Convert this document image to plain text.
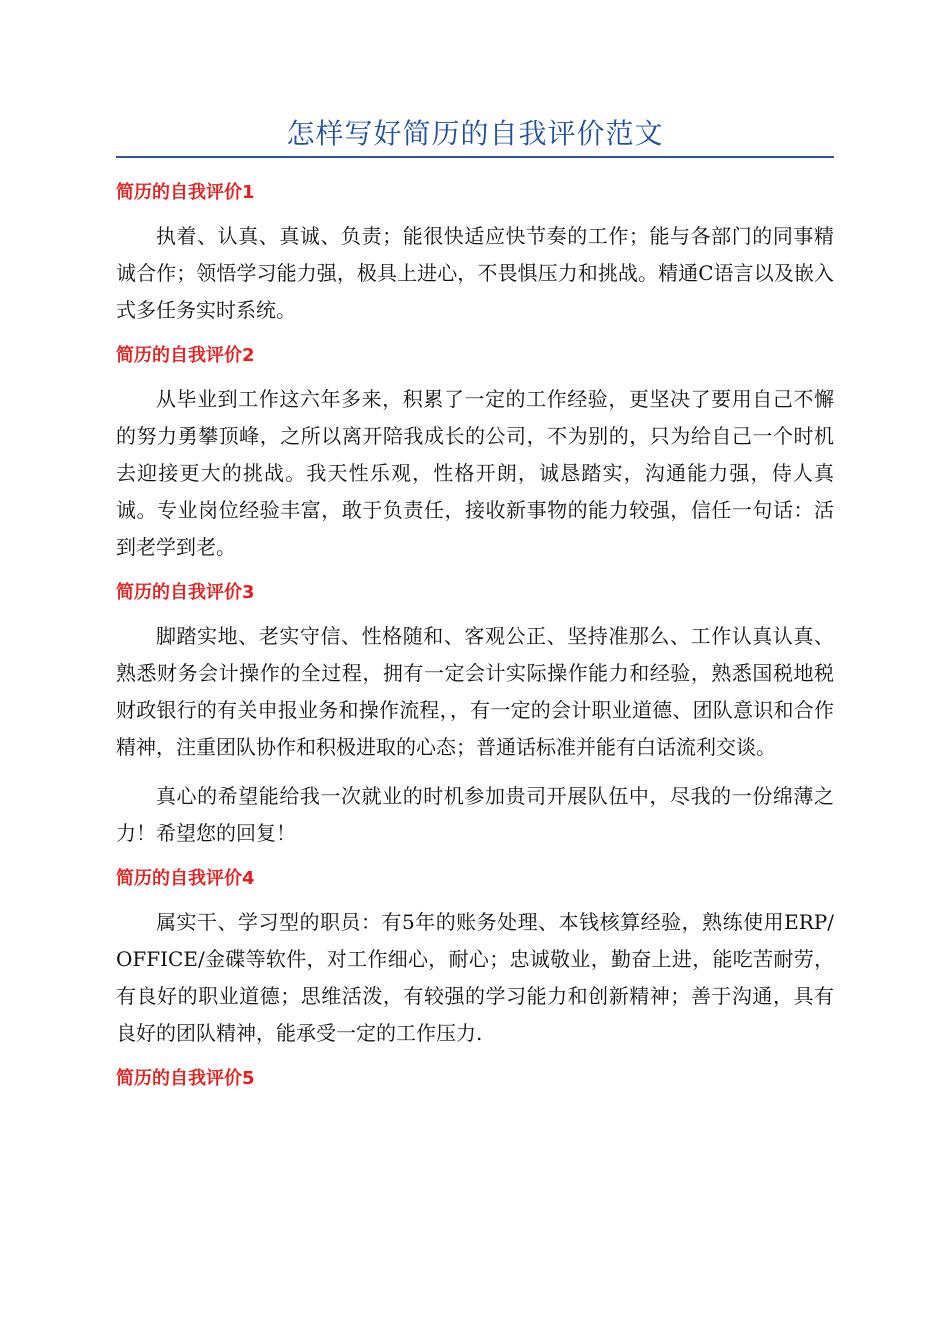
怎样写好简历的自我评价范文
简历的自我评价1

执着、认真、真诚、负责；能很快适应快节奏的工作；能与各部门的同事精诚合作；领悟学习能力强，极具上进心，不畏惧压力和挑战。精通C语言以及嵌入式多任务实时系统。

简历的自我评价2

从毕业到工作这六年多来，积累了一定的工作经验，更坚决了要用自己不懈的努力勇攀顶峰，之所以离开陪我成长的公司，不为别的，只为给自己一个时机去迎接更大的挑战。我天性乐观，性格开朗，诚恳踏实，沟通能力强，侍人真诚。专业岗位经验丰富，敢于负责任，接收新事物的能力较强，信任一句话：活到老学到老。

简历的自我评价3

脚踏实地、老实守信、性格随和、客观公正、坚持准那么、工作认真认真、熟悉财务会计操作的全过程，拥有一定会计实际操作能力和经验，熟悉国税地税财政银行的有关申报业务和操作流程，，有一定的会计职业道德、团队意识和合作精神，注重团队协作和积极进取的心态；普通话标准并能有白话流利交谈。

真心的希望能给我一次就业的时机参加贵司开展队伍中，尽我的一份绵薄之力！希望您的回复！

简历的自我评价4

属实干、学习型的职员：有5年的账务处理、本钱核算经验，熟练使用ERP/OFFICE/金碟等软件，对工作细心，耐心；忠诚敬业，勤奋上进，能吃苦耐劳，有良好的职业道德；思维活泼，有较强的学习能力和创新精神；善于沟通，具有良好的团队精神，能承受一定的工作压力.

简历的自我评价5
